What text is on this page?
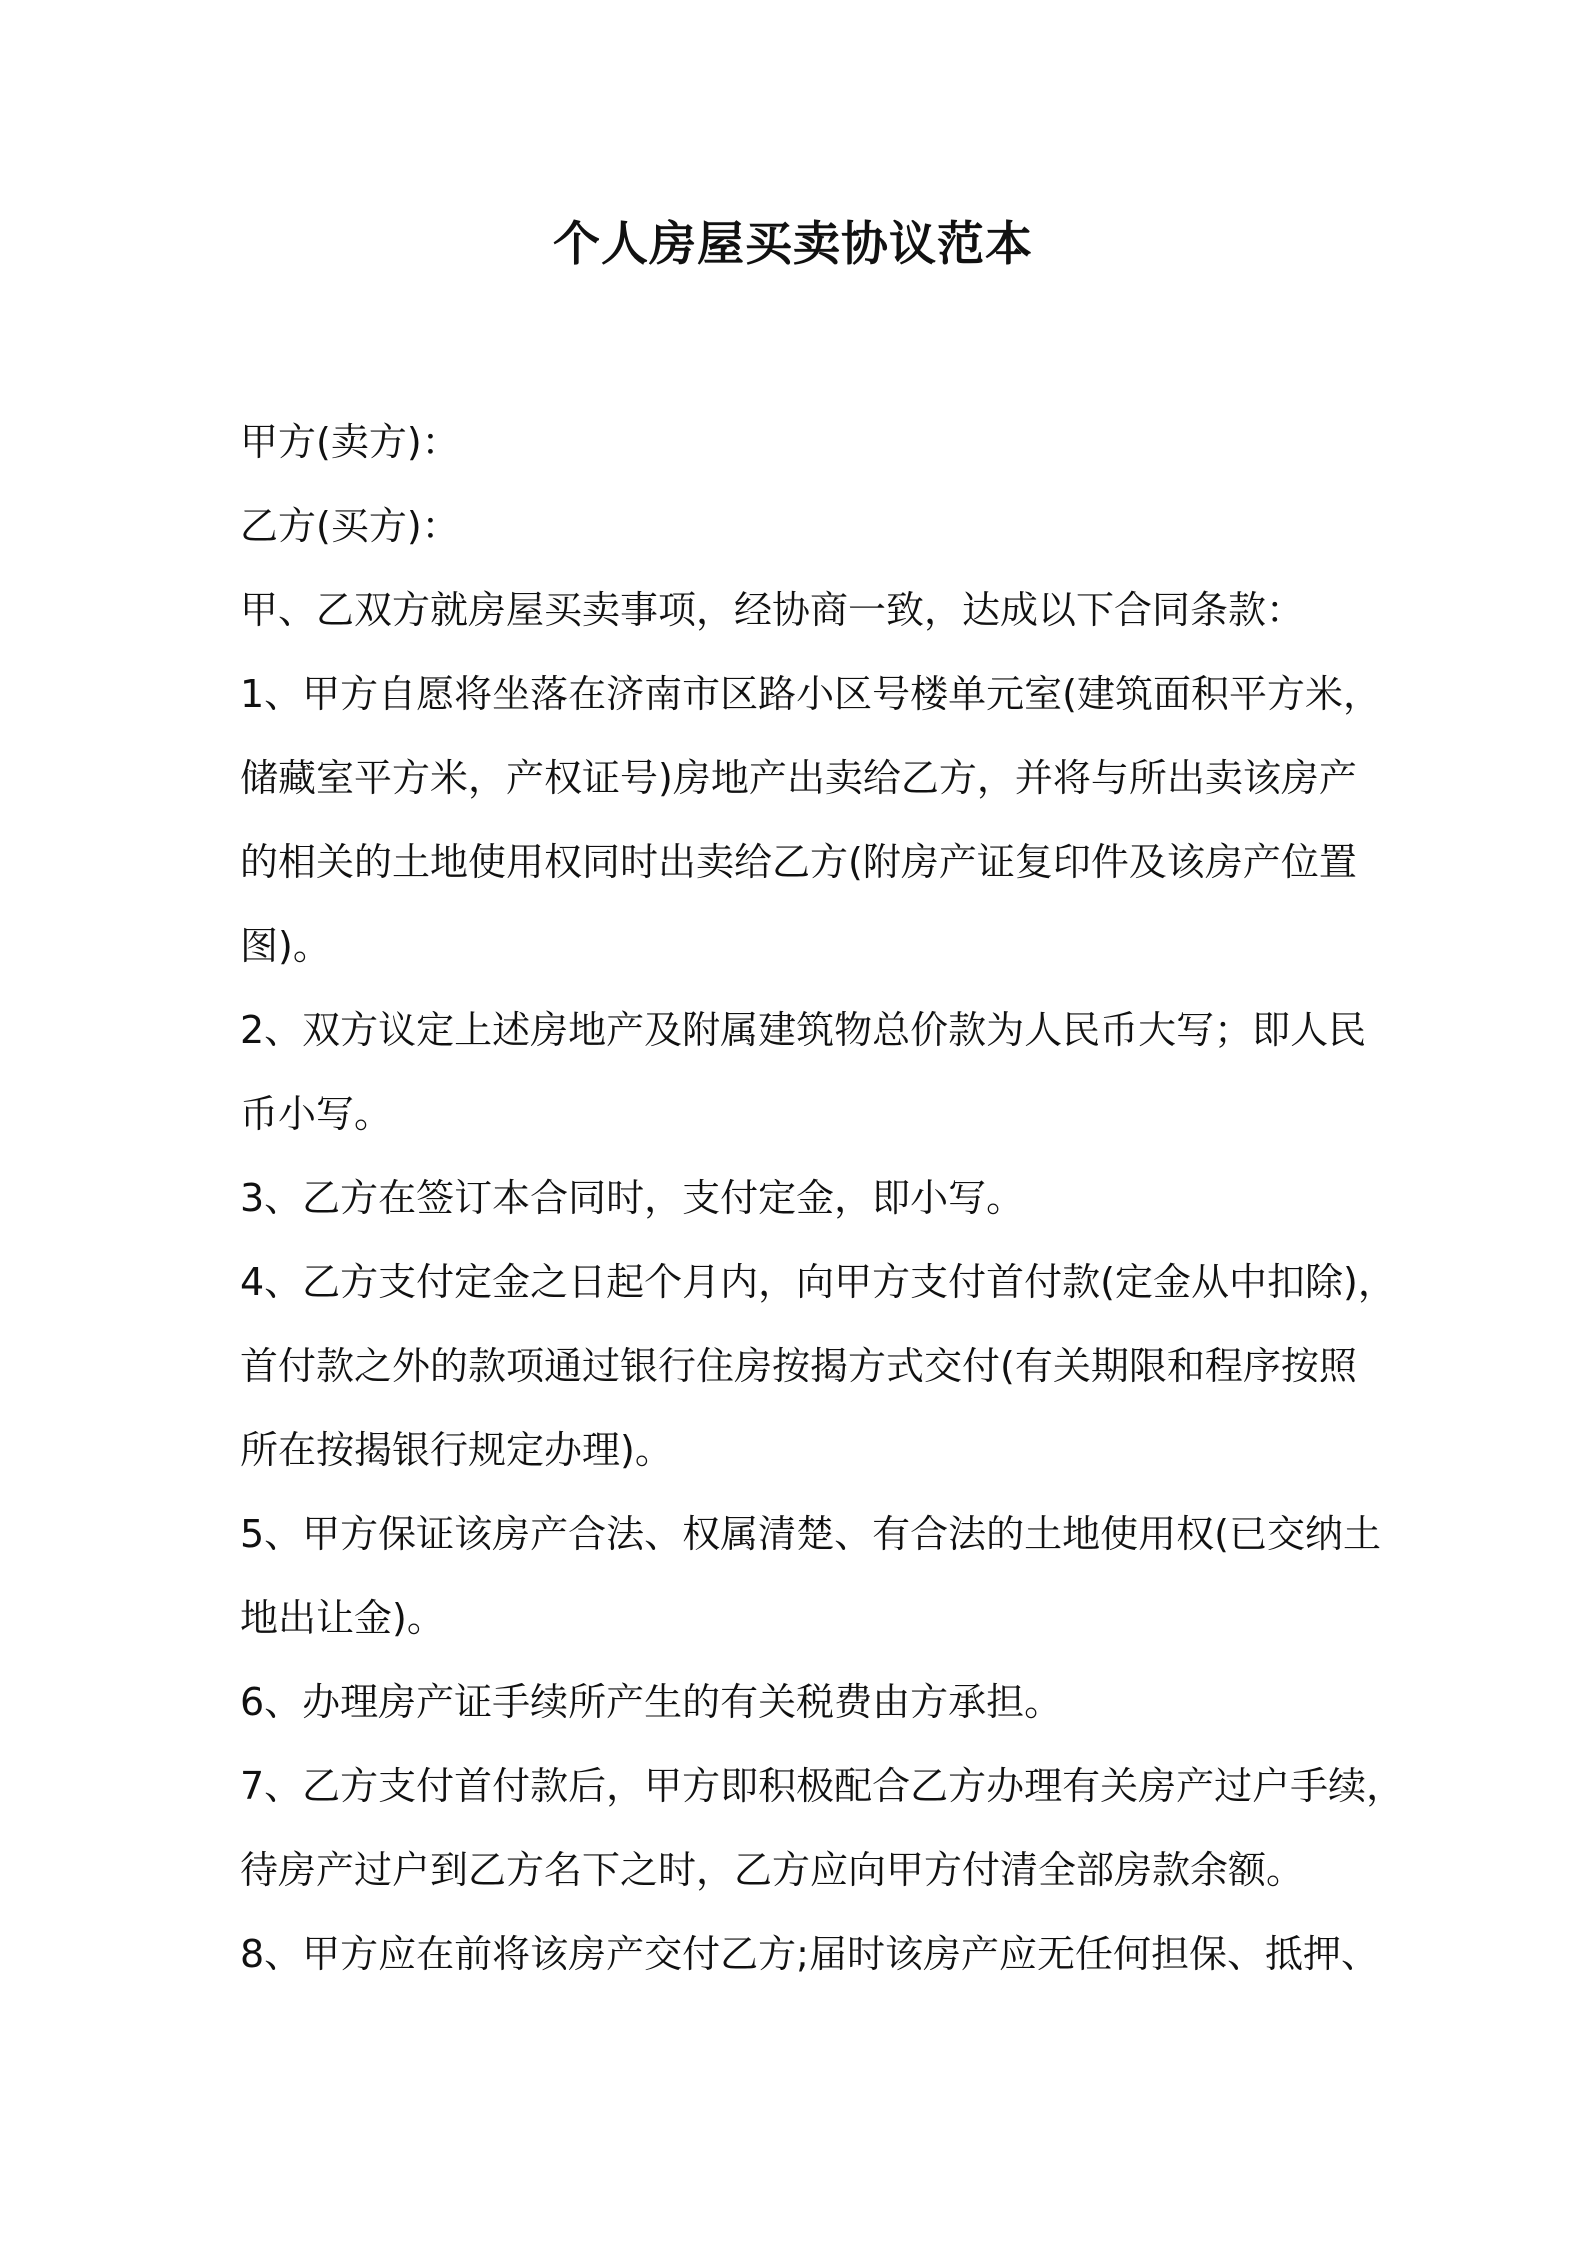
个人房屋买卖协议范本
甲方(卖方)：
乙方(买方)：
甲、乙双方就房屋买卖事项，经协商一致，达成以下合同条款：
1、甲方自愿将坐落在济南市区路小区号楼单元室(建筑面积平方米，
储藏室平方米，产权证号)房地产出卖给乙方，并将与所出卖该房产
的相关的土地使用权同时出卖给乙方(附房产证复印件及该房产位置
图)。
2、双方议定上述房地产及附属建筑物总价款为人民币大写；即人民
币小写。
3、乙方在签订本合同时，支付定金，即小写。
4、乙方支付定金之日起个月内，向甲方支付首付款(定金从中扣除)，
首付款之外的款项通过银行住房按揭方式交付(有关期限和程序按照
所在按揭银行规定办理)。
5、甲方保证该房产合法、权属清楚、有合法的土地使用权(已交纳土
地出让金)。
6、办理房产证手续所产生的有关税费由方承担。
7、乙方支付首付款后，甲方即积极配合乙方办理有关房产过户手续，
待房产过户到乙方名下之时，乙方应向甲方付清全部房款余额。
8、甲方应在前将该房产交付乙方;届时该房产应无任何担保、抵押、
